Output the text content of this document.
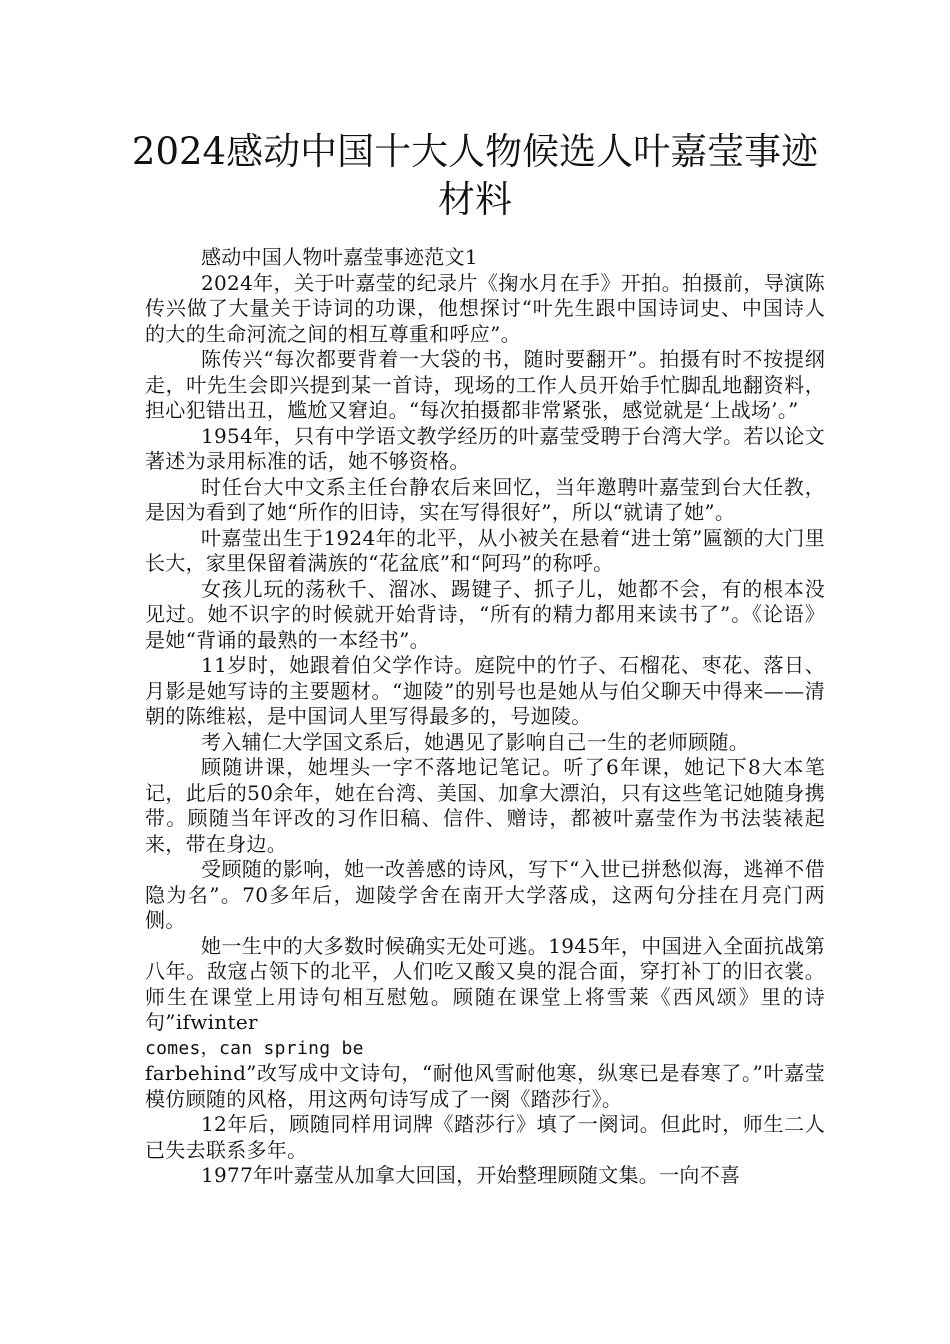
2024感动中国十大人物候选人叶嘉莹事迹
材料

感动中国人物叶嘉莹事迹范文1

2024年，关于叶嘉莹的纪录片《掬水月在手》开拍。拍摄前，导演陈传兴做了大量关于诗词的功课，他想探讨“叶先生跟中国诗词史、中国诗人的大的生命河流之间的相互尊重和呼应”。

陈传兴“每次都要背着一大袋的书，随时要翻开”。拍摄有时不按提纲走，叶先生会即兴提到某一首诗，现场的工作人员开始手忙脚乱地翻资料，担心犯错出丑，尴尬又窘迫。“每次拍摄都非常紧张，感觉就是‘上战场’。”

1954年，只有中学语文教学经历的叶嘉莹受聘于台湾大学。若以论文著述为录用标准的话，她不够资格。

时任台大中文系主任台静农后来回忆，当年邀聘叶嘉莹到台大任教，是因为看到了她“所作的旧诗，实在写得很好”，所以“就请了她”。

叶嘉莹出生于1924年的北平，从小被关在悬着“进士第”匾额的大门里长大，家里保留着满族的“花盆底”和“阿玛”的称呼。

女孩儿玩的荡秋千、溜冰、踢键子、抓子儿，她都不会，有的根本没见过。她不识字的时候就开始背诗，“所有的精力都用来读书了”。《论语》是她“背诵的最熟的一本经书”。

11岁时，她跟着伯父学作诗。庭院中的竹子、石榴花、枣花、落日、月影是她写诗的主要题材。“迦陵”的别号也是她从与伯父聊天中得来——清朝的陈维崧，是中国词人里写得最多的，号迦陵。

考入辅仁大学国文系后，她遇见了影响自己一生的老师顾随。

顾随讲课，她埋头一字不落地记笔记。听了6年课，她记下8大本笔记，此后的50余年，她在台湾、美国、加拿大漂泊，只有这些笔记她随身携带。顾随当年评改的习作旧稿、信件、赠诗，都被叶嘉莹作为书法装裱起来，带在身边。

受顾随的影响，她一改善感的诗风，写下“入世已拼愁似海，逃禅不借隐为名”。70多年后，迦陵学舍在南开大学落成，这两句分挂在月亮门两侧。

她一生中的大多数时候确实无处可逃。1945年，中国进入全面抗战第八年。敌寇占领下的北平，人们吃又酸又臭的混合面，穿打补丁的旧衣裳。师生在课堂上用诗句相互慰勉。顾随在课堂上将雪莱《西风颂》里的诗句”ifwinter

comes，can spring be

farbehind”改写成中文诗句，“耐他风雪耐他寒，纵寒已是春寒了。”叶嘉莹模仿顾随的风格，用这两句诗写成了一阕《踏莎行》。

12年后，顾随同样用词牌《踏莎行》填了一阕词。但此时，师生二人已失去联系多年。

1977年叶嘉莹从加拿大回国，开始整理顾随文集。一向不喜
